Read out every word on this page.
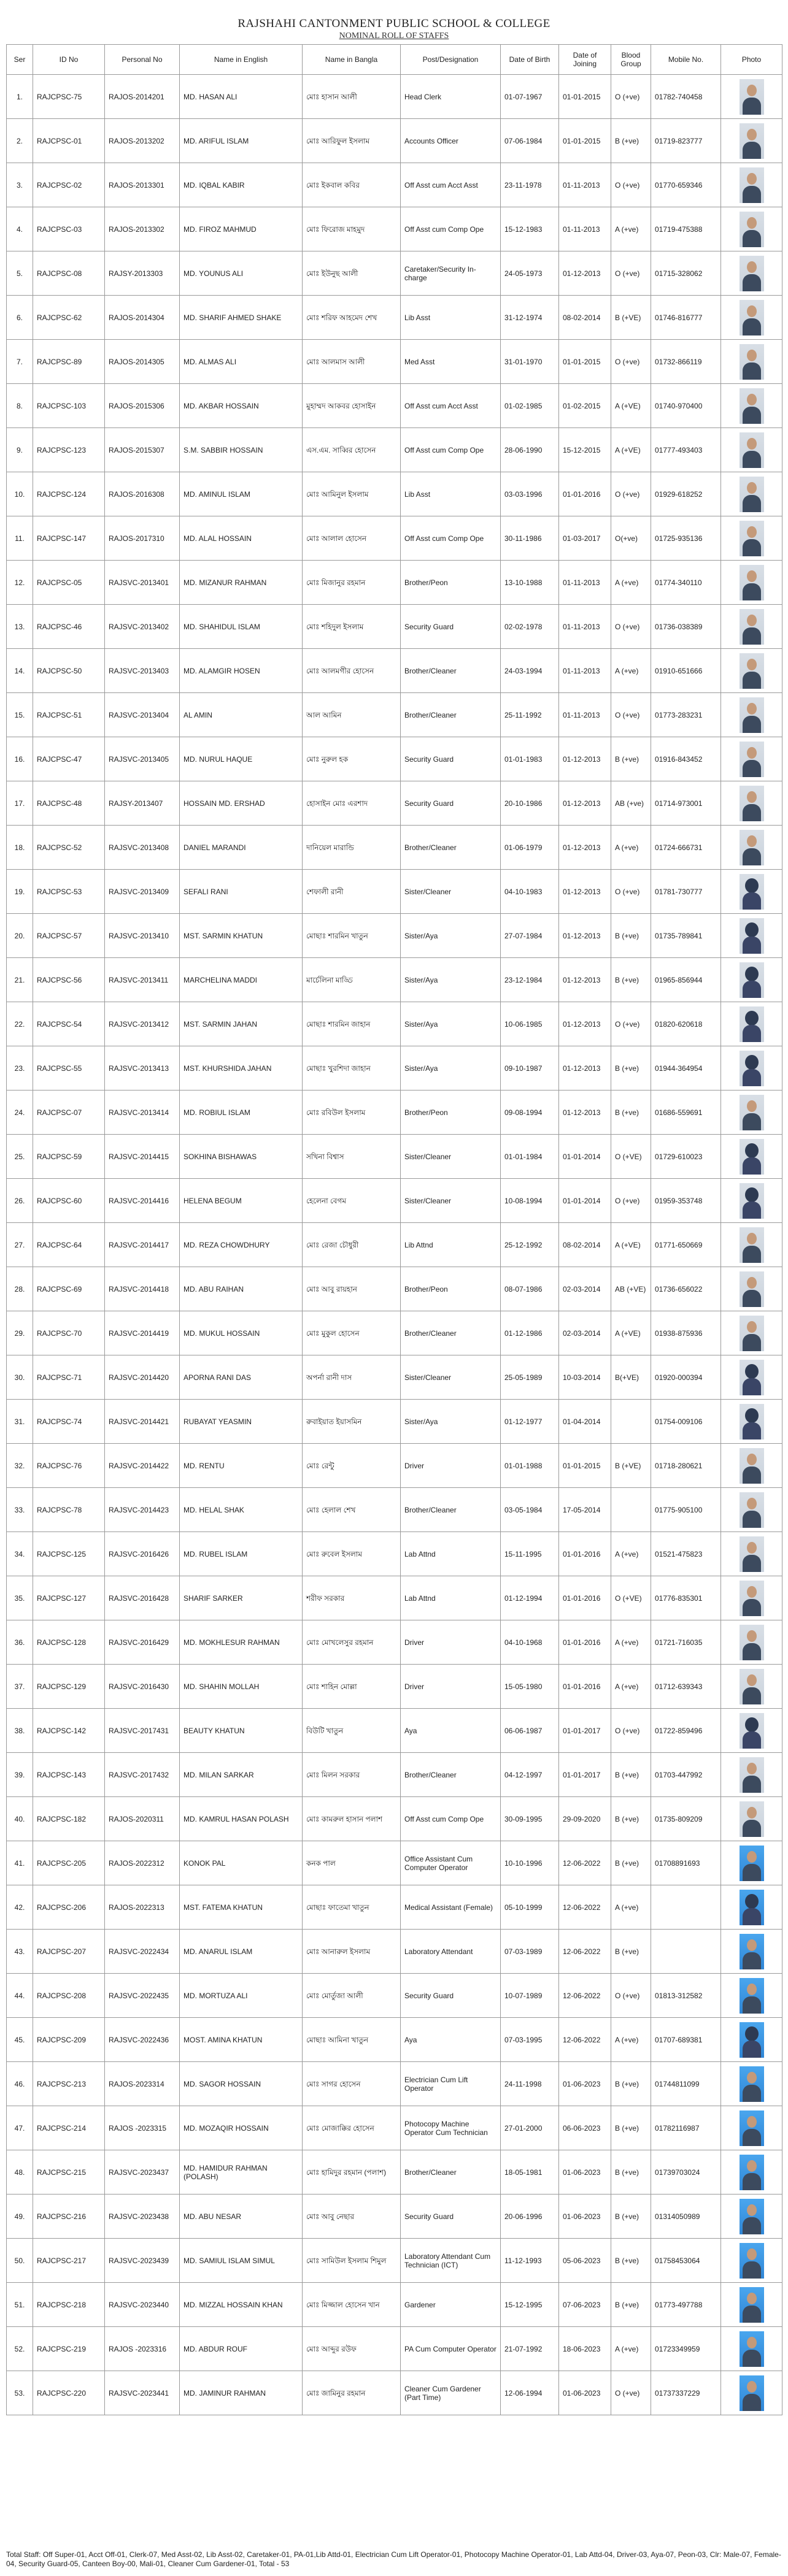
RAJSHAHI CANTONMENT PUBLIC SCHOOL & COLLEGE
NOMINAL ROLL OF STAFFS
Ser	ID No	Personal No	Name in English	Name in Bangla	Post/Designation	Date of Birth	Date of Joining	Blood Group	Mobile No.	Photo
1.	RAJCPSC-75	RAJOS-2014201	MD. HASAN ALI	মোঃ হাসান আলী	Head Clerk	01-07-1967	01-01-2015	O (+ve)	01782-740458	

2.	RAJCPSC-01	RAJOS-2013202	MD. ARIFUL ISLAM	মোঃ আরিফুল ইসলাম	Accounts Officer	07-06-1984	01-01-2015	B (+ve)	01719-823777	

3.	RAJCPSC-02	RAJOS-2013301	MD. IQBAL KABIR	মোঃ ইকবাল কবির	Off Asst cum Acct Asst	23-11-1978	01-11-2013	O (+ve)	01770-659346	

4.	RAJCPSC-03	RAJOS-2013302	MD. FIROZ MAHMUD	মোঃ ফিরোজ মাহমুদ	Off Asst cum Comp Ope	15-12-1983	01-11-2013	A (+ve)	01719-475388	

5.	RAJCPSC-08	RAJSY-2013303	MD. YOUNUS ALI	মোঃ ইউনুছ আলী	Caretaker/Security In-charge	24-05-1973	01-12-2013	O (+ve)	01715-328062	

6.	RAJCPSC-62	RAJOS-2014304	MD. SHARIF AHMED SHAKE	মোঃ শরিফ আহমেদ শেখ	Lib Asst	31-12-1974	08-02-2014	B (+VE)	01746-816777	

7.	RAJCPSC-89	RAJOS-2014305	MD. ALMAS ALI	মোঃ আলমাস আলী	Med Asst	31-01-1970	01-01-2015	O (+ve)	01732-866119	

8.	RAJCPSC-103	RAJOS-2015306	MD. AKBAR HOSSAIN	মুহাম্মদ আকবর হোসাইন	Off Asst cum Acct Asst	01-02-1985	01-02-2015	A (+VE)	01740-970400	

9.	RAJCPSC-123	RAJOS-2015307	S.M. SABBIR HOSSAIN	এস.এম. সাব্বির হোসেন	Off Asst cum Comp Ope	28-06-1990	15-12-2015	A (+VE)	01777-493403	

10.	RAJCPSC-124	RAJOS-2016308	MD. AMINUL ISLAM	মোঃ আমিনুল ইসলাম	Lib Asst	03-03-1996	01-01-2016	O (+ve)	01929-618252	

11.	RAJCPSC-147	RAJOS-2017310	MD. ALAL HOSSAIN	মোঃ আলাল হোসেন	Off Asst cum Comp Ope	30-11-1986	01-03-2017	O(+ve)	01725-935136	

12.	RAJCPSC-05	RAJSVC-2013401	MD. MIZANUR RAHMAN	মোঃ মিজানুর রহমান	Brother/Peon	13-10-1988	01-11-2013	A (+ve)	01774-340110	

13.	RAJCPSC-46	RAJSVC-2013402	MD. SHAHIDUL ISLAM	মোঃ শহিদুল ইসলাম	Security Guard	02-02-1978	01-11-2013	O (+ve)	01736-038389	

14.	RAJCPSC-50	RAJSVC-2013403	MD. ALAMGIR HOSEN	মোঃ আলমগীর হোসেন	Brother/Cleaner	24-03-1994	01-11-2013	A (+ve)	01910-651666	

15.	RAJCPSC-51	RAJSVC-2013404	AL AMIN	আল আমিন	Brother/Cleaner	25-11-1992	01-11-2013	O (+ve)	01773-283231	

16.	RAJCPSC-47	RAJSVC-2013405	MD. NURUL HAQUE	মোঃ নুরুল হক	Security Guard	01-01-1983	01-12-2013	B (+ve)	01916-843452	

17.	RAJCPSC-48	RAJSY-2013407	HOSSAIN MD. ERSHAD	হোসাইন মোঃ এরশাদ	Security Guard	20-10-1986	01-12-2013	AB (+ve)	01714-973001	

18.	RAJCPSC-52	RAJSVC-2013408	DANIEL MARANDI	দানিয়েল মারান্ডি	Brother/Cleaner	01-06-1979	01-12-2013	A (+ve)	01724-666731	

19.	RAJCPSC-53	RAJSVC-2013409	SEFALI RANI	শেফালী রানী	Sister/Cleaner	04-10-1983	01-12-2013	O (+ve)	01781-730777	

20.	RAJCPSC-57	RAJSVC-2013410	MST. SARMIN KHATUN	মোছাঃ শারমিন খাতুন	Sister/Aya	27-07-1984	01-12-2013	B (+ve)	01735-789841	

21.	RAJCPSC-56	RAJSVC-2013411	MARCHELINA MADDI	মার্চেলিনা মাড্ডি	Sister/Aya	23-12-1984	01-12-2013	B (+ve)	01965-856944	

22.	RAJCPSC-54	RAJSVC-2013412	MST. SARMIN JAHAN	মোছাঃ শারমিন জাহান	Sister/Aya	10-06-1985	01-12-2013	O (+ve)	01820-620618	

23.	RAJCPSC-55	RAJSVC-2013413	MST. KHURSHIDA JAHAN	মোছাঃ খুরশিদা জাহান	Sister/Aya	09-10-1987	01-12-2013	B (+ve)	01944-364954	

24.	RAJCPSC-07	RAJSVC-2013414	MD. ROBIUL ISLAM	মোঃ রবিউল ইসলাম	Brother/Peon	09-08-1994	01-12-2013	B (+ve)	01686-559691	

25.	RAJCPSC-59	RAJSVC-2014415	SOKHINA BISHAWAS	সখিনা বিশ্বাস	Sister/Cleaner	01-01-1984	01-01-2014	O (+VE)	01729-610023	

26.	RAJCPSC-60	RAJSVC-2014416	HELENA BEGUM	হেলেনা বেগম	Sister/Cleaner	10-08-1994	01-01-2014	O (+ve)	01959-353748	

27.	RAJCPSC-64	RAJSVC-2014417	MD. REZA CHOWDHURY	মোঃ রেজা চৌধুরী	Lib Attnd	25-12-1992	08-02-2014	A (+VE)	01771-650669	

28.	RAJCPSC-69	RAJSVC-2014418	MD. ABU RAIHAN	মোঃ আবু রায়হান	Brother/Peon	08-07-1986	02-03-2014	AB (+VE)	01736-656022	

29.	RAJCPSC-70	RAJSVC-2014419	MD. MUKUL HOSSAIN	মোঃ মুকুল হোসেন	Brother/Cleaner	01-12-1986	02-03-2014	A (+VE)	01938-875936	

30.	RAJCPSC-71	RAJSVC-2014420	APORNA RANI DAS	অপর্না রানী দাস	Sister/Cleaner	25-05-1989	10-03-2014	B(+VE)	01920-000394	

31.	RAJCPSC-74	RAJSVC-2014421	RUBAYAT YEASMIN	রুবাইয়াত ইয়াসমিন	Sister/Aya	01-12-1977	01-04-2014		01754-009106	

32.	RAJCPSC-76	RAJSVC-2014422	MD. RENTU	মোঃ রেন্টু	Driver	01-01-1988	01-01-2015	B (+VE)	01718-280621	

33.	RAJCPSC-78	RAJSVC-2014423	MD. HELAL SHAK	মোঃ হেলাল শেখ	Brother/Cleaner	03-05-1984	17-05-2014		01775-905100	

34.	RAJCPSC-125	RAJSVC-2016426	MD. RUBEL ISLAM	মোঃ রুবেল ইসলাম	Lab Attnd	15-11-1995	01-01-2016	A (+ve)	01521-475823	

35.	RAJCPSC-127	RAJSVC-2016428	SHARIF SARKER	শরীফ সরকার	Lab Attnd	01-12-1994	01-01-2016	O (+VE)	01776-835301	

36.	RAJCPSC-128	RAJSVC-2016429	MD. MOKHLESUR RAHMAN	মোঃ মোখলেসুর রহমান	Driver	04-10-1968	01-01-2016	A (+ve)	01721-716035	

37.	RAJCPSC-129	RAJSVC-2016430	MD. SHAHIN MOLLAH	মোঃ শাহিন মোল্লা	Driver	15-05-1980	01-01-2016	A (+ve)	01712-639343	

38.	RAJCPSC-142	RAJSVC-2017431	BEAUTY KHATUN	বিউটি খাতুন	Aya	06-06-1987	01-01-2017	O (+ve)	01722-859496	

39.	RAJCPSC-143	RAJSVC-2017432	MD. MILAN SARKAR	মোঃ মিলন সরকার	Brother/Cleaner	04-12-1997	01-01-2017	B (+ve)	01703-447992	

40.	RAJCPSC-182	RAJOS-2020311	MD. KAMRUL HASAN POLASH	মোঃ কামরুল হাসান পলাশ	Off Asst cum Comp Ope	30-09-1995	29-09-2020	B (+ve)	01735-809209	

41.	RAJCPSC-205	RAJOS-2022312	KONOK PAL	কনক পাল	Office Assistant Cum Computer Operator	10-10-1996	12-06-2022	B (+ve)	01708891693	

42.	RAJCPSC-206	RAJOS-2022313	MST. FATEMA KHATUN	মোছাঃ ফাতেমা খাতুন	Medical Assistant (Female)	05-10-1999	12-06-2022	A (+ve)		

43.	RAJCPSC-207	RAJSVC-2022434	MD. ANARUL ISLAM	মোঃ আনারুল ইসলাম	Laboratory Attendant	07-03-1989	12-06-2022	B (+ve)		

44.	RAJCPSC-208	RAJSVC-2022435	MD. MORTUZA ALI	মোঃ মোর্তুজা আলী	Security Guard	10-07-1989	12-06-2022	O (+ve)	01813-312582	

45.	RAJCPSC-209	RAJSVC-2022436	MOST. AMINA KHATUN	মোছাঃ আমিনা খাতুন	Aya	07-03-1995	12-06-2022	A (+ve)	01707-689381	

46.	RAJCPSC-213	RAJOS-2023314	MD. SAGOR HOSSAIN	মোঃ সাগর হোসেন	Electrician Cum Lift Operator	24-11-1998	01-06-2023	B (+ve)	01744811099	

47.	RAJCPSC-214	RAJOS -2023315	MD. MOZAQIR HOSSAIN	মোঃ মোজাক্কির হোসেন	Photocopy Machine Operator Cum Technician	27-01-2000	06-06-2023	B (+ve)	01782116987	

48.	RAJCPSC-215	RAJSVC-2023437	MD. HAMIDUR RAHMAN (POLASH)	মোঃ হামিদুর রহমান (পলাশ)	Brother/Cleaner	18-05-1981	01-06-2023	B (+ve)	01739703024	

49.	RAJCPSC-216	RAJSVC-2023438	MD. ABU NESAR	মোঃ আবু নেছার	Security Guard	20-06-1996	01-06-2023	B (+ve)	01314050989	

50.	RAJCPSC-217	RAJSVC-2023439	MD. SAMIUL ISLAM SIMUL	মোঃ সামিউল ইসলাম শিমুল	Laboratory Attendant Cum Technician (ICT)	11-12-1993	05-06-2023	B (+ve)	01758453064	

51.	RAJCPSC-218	RAJSVC-2023440	MD. MIZZAL HOSSAIN KHAN	মোঃ মিজ্জাল হোসেন খান	Gardener	15-12-1995	07-06-2023	B (+ve)	01773-497788	

52.	RAJCPSC-219	RAJOS -2023316	MD. ABDUR ROUF	মোঃ আব্দুর রউফ	PA Cum Computer Operator	21-07-1992	18-06-2023	A (+ve)	01723349959	

53.	RAJCPSC-220	RAJSVC-2023441	MD. JAMINUR RAHMAN	মোঃ জামিনুর রহমান	Cleaner Cum Gardener (Part Time)	12-06-1994	01-06-2023	O (+ve)	01737337229	
Total Staff: Off Super-01, Acct Off-01, Clerk-07, Med Asst-02, Lib Asst-02, Caretaker-01, PA-01,Lib Attd-01, Electrician Cum Lift Operator-01, Photocopy Machine Operator-01, Lab Attd-04, Driver-03, Aya-07, Peon-03, Clr: Male-07, Female-04, Security Guard-05, Canteen Boy-00, Mali-01, Cleaner Cum Gardener-01, Total - 53
